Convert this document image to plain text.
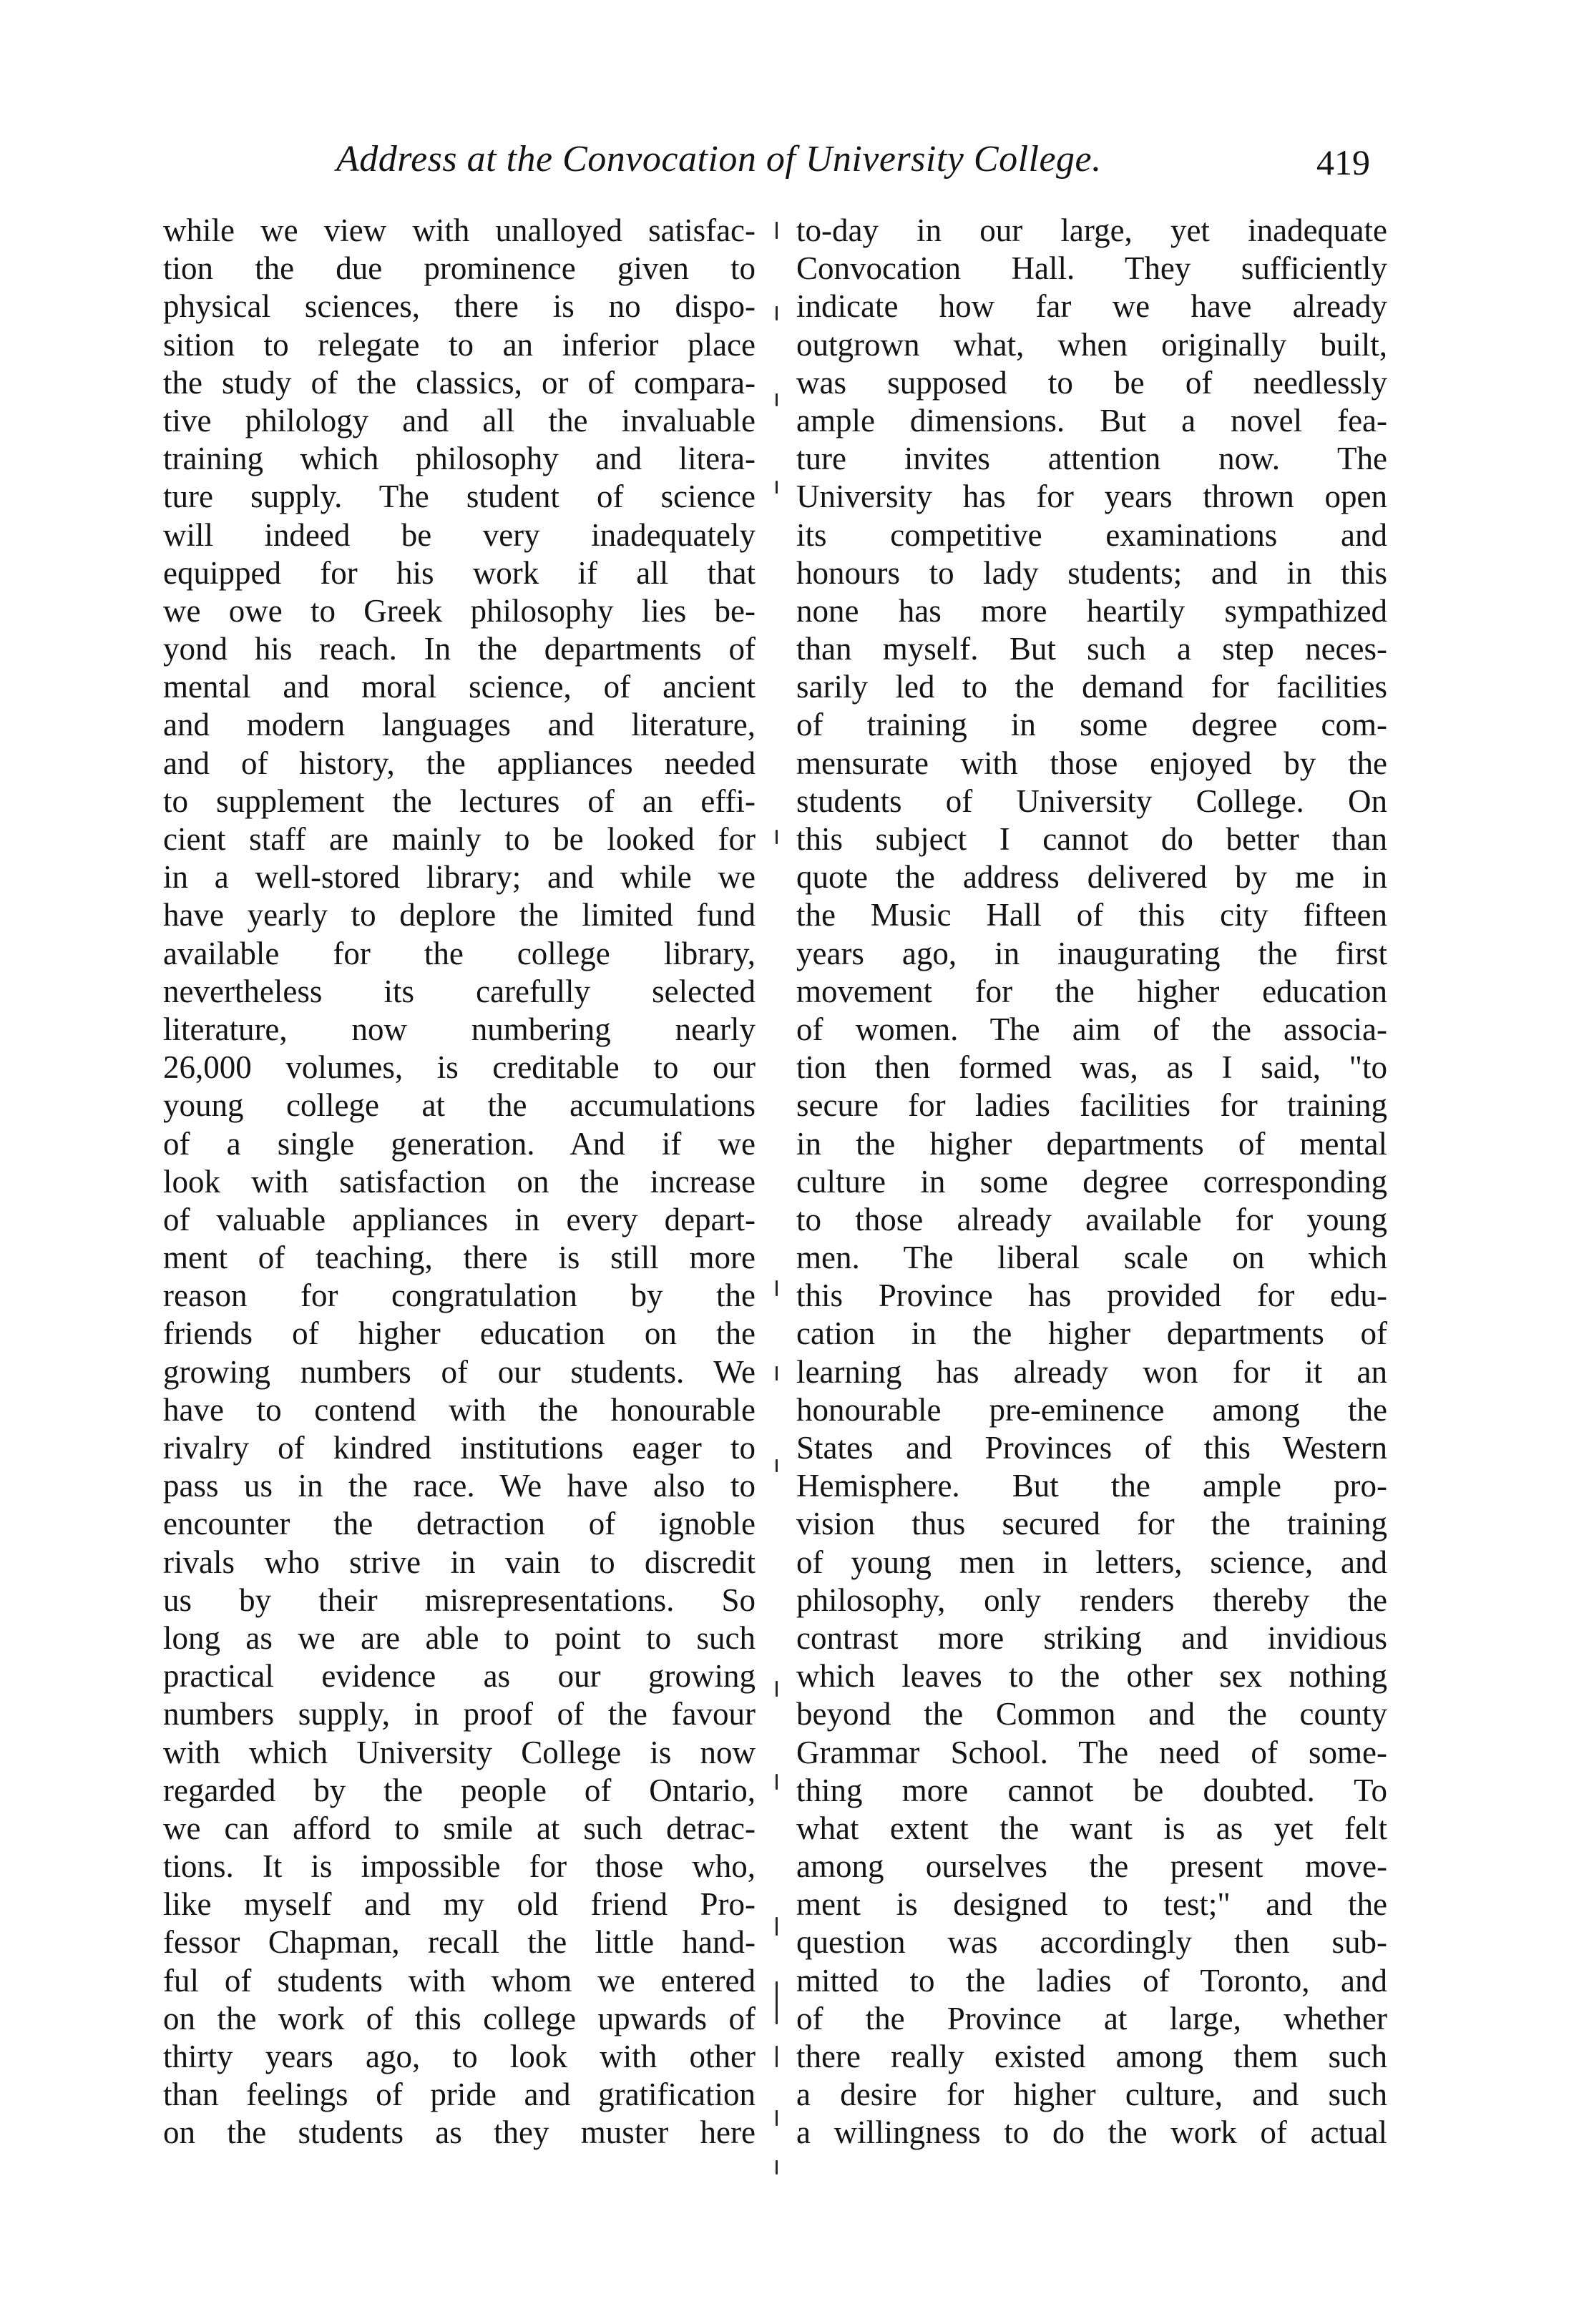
Address at the Convocation of University College.	419
while we view with unalloyed satisfac-
tion the due prominence given to
physical sciences, there is no dispo-
sition to relegate to an inferior place
the study of the classics, or of compara-
tive philology and all the invaluable
training which philosophy and litera-
ture supply. The student of science
will indeed be very inadequately
equipped for his work if all that
we owe to Greek philosophy lies be-
yond his reach. In the departments of
mental and moral science, of ancient
and modern languages and literature,
and of history, the appliances needed
to supplement the lectures of an effi-
cient staff are mainly to be looked for
in a well-stored library; and while we
have yearly to deplore the limited fund
available for the college library,
nevertheless its carefully selected
literature, now numbering nearly
26,000 volumes, is creditable to our
young college at the accumulations
of a single generation. And if we
look with satisfaction on the increase
of valuable appliances in every depart-
ment of teaching, there is still more
reason for congratulation by the
friends of higher education on the
growing numbers of our students. We
have to contend with the honourable
rivalry of kindred institutions eager to
pass us in the race. We have also to
encounter the detraction of ignoble
rivals who strive in vain to discredit
us by their misrepresentations. So
long as we are able to point to such
practical evidence as our growing
numbers supply, in proof of the favour
with which University College is now
regarded by the people of Ontario,
we can afford to smile at such detrac-
tions. It is impossible for those who,
like myself and my old friend Pro-
fessor Chapman, recall the little hand-
ful of students with whom we entered
on the work of this college upwards of
thirty years ago, to look with other
than feelings of pride and gratification
on the students as they muster here
to-day in our large, yet inadequate
Convocation Hall. They sufficiently
indicate how far we have already
outgrown what, when originally built,
was supposed to be of needlessly
ample dimensions. But a novel fea-
ture invites attention now. The
University has for years thrown open
its competitive examinations and
honours to lady students; and in this
none has more heartily sympathized
than myself. But such a step neces-
sarily led to the demand for facilities
of training in some degree com-
mensurate with those enjoyed by the
students of University College. On
this subject I cannot do better than
quote the address delivered by me in
the Music Hall of this city fifteen
years ago, in inaugurating the first
movement for the higher education
of women. The aim of the associa-
tion then formed was, as I said, "to
secure for ladies facilities for training
in the higher departments of mental
culture in some degree corresponding
to those already available for young
men. The liberal scale on which
this Province has provided for edu-
cation in the higher departments of
learning has already won for it an
honourable pre-eminence among the
States and Provinces of this Western
Hemisphere. But the ample pro-
vision thus secured for the training
of young men in letters, science, and
philosophy, only renders thereby the
contrast more striking and invidious
which leaves to the other sex nothing
beyond the Common and the county
Grammar School. The need of some-
thing more cannot be doubted. To
what extent the want is as yet felt
among ourselves the present move-
ment is designed to test;" and the
question was accordingly then sub-
mitted to the ladies of Toronto, and
of the Province at large, whether
there really existed among them such
a desire for higher culture, and such
a willingness to do the work of actual
